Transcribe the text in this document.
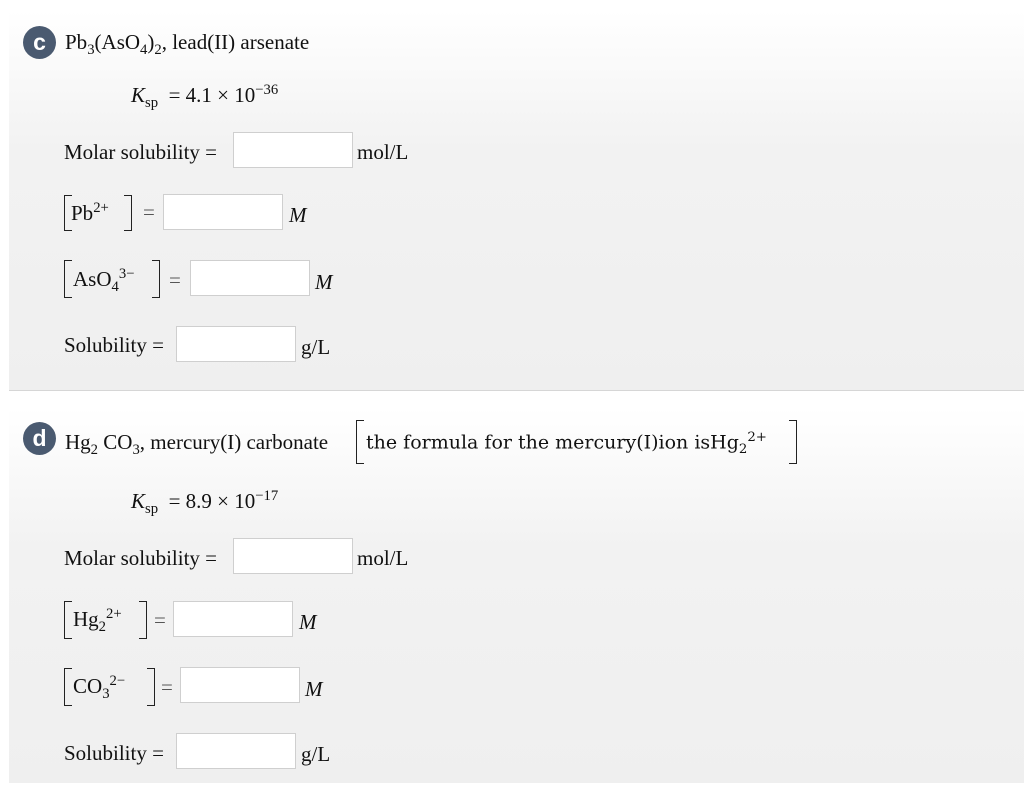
c $Pb_3(AsO_4)_2$, lead(II) arsenate
$K_{sp} = 4.1 \times 10^{-36}$
Molar solubility =	mol/L
$Pb^{2+}$ =	M
AsO$_4^{3-}$ =	M
Solubility =	g/L
d $Hg_2$ $CO_3$, mercury(I) carbonate the formula for the mercury(I)ion isHg$_2^{2+}$
$K_{sp} = 8.9 \times 10^{-17}$
Molar solubility =	mol/L
$Hg_2^{2+}$ =	M
$CO_3^{2-}$ =	M
Solubility =	g/L
